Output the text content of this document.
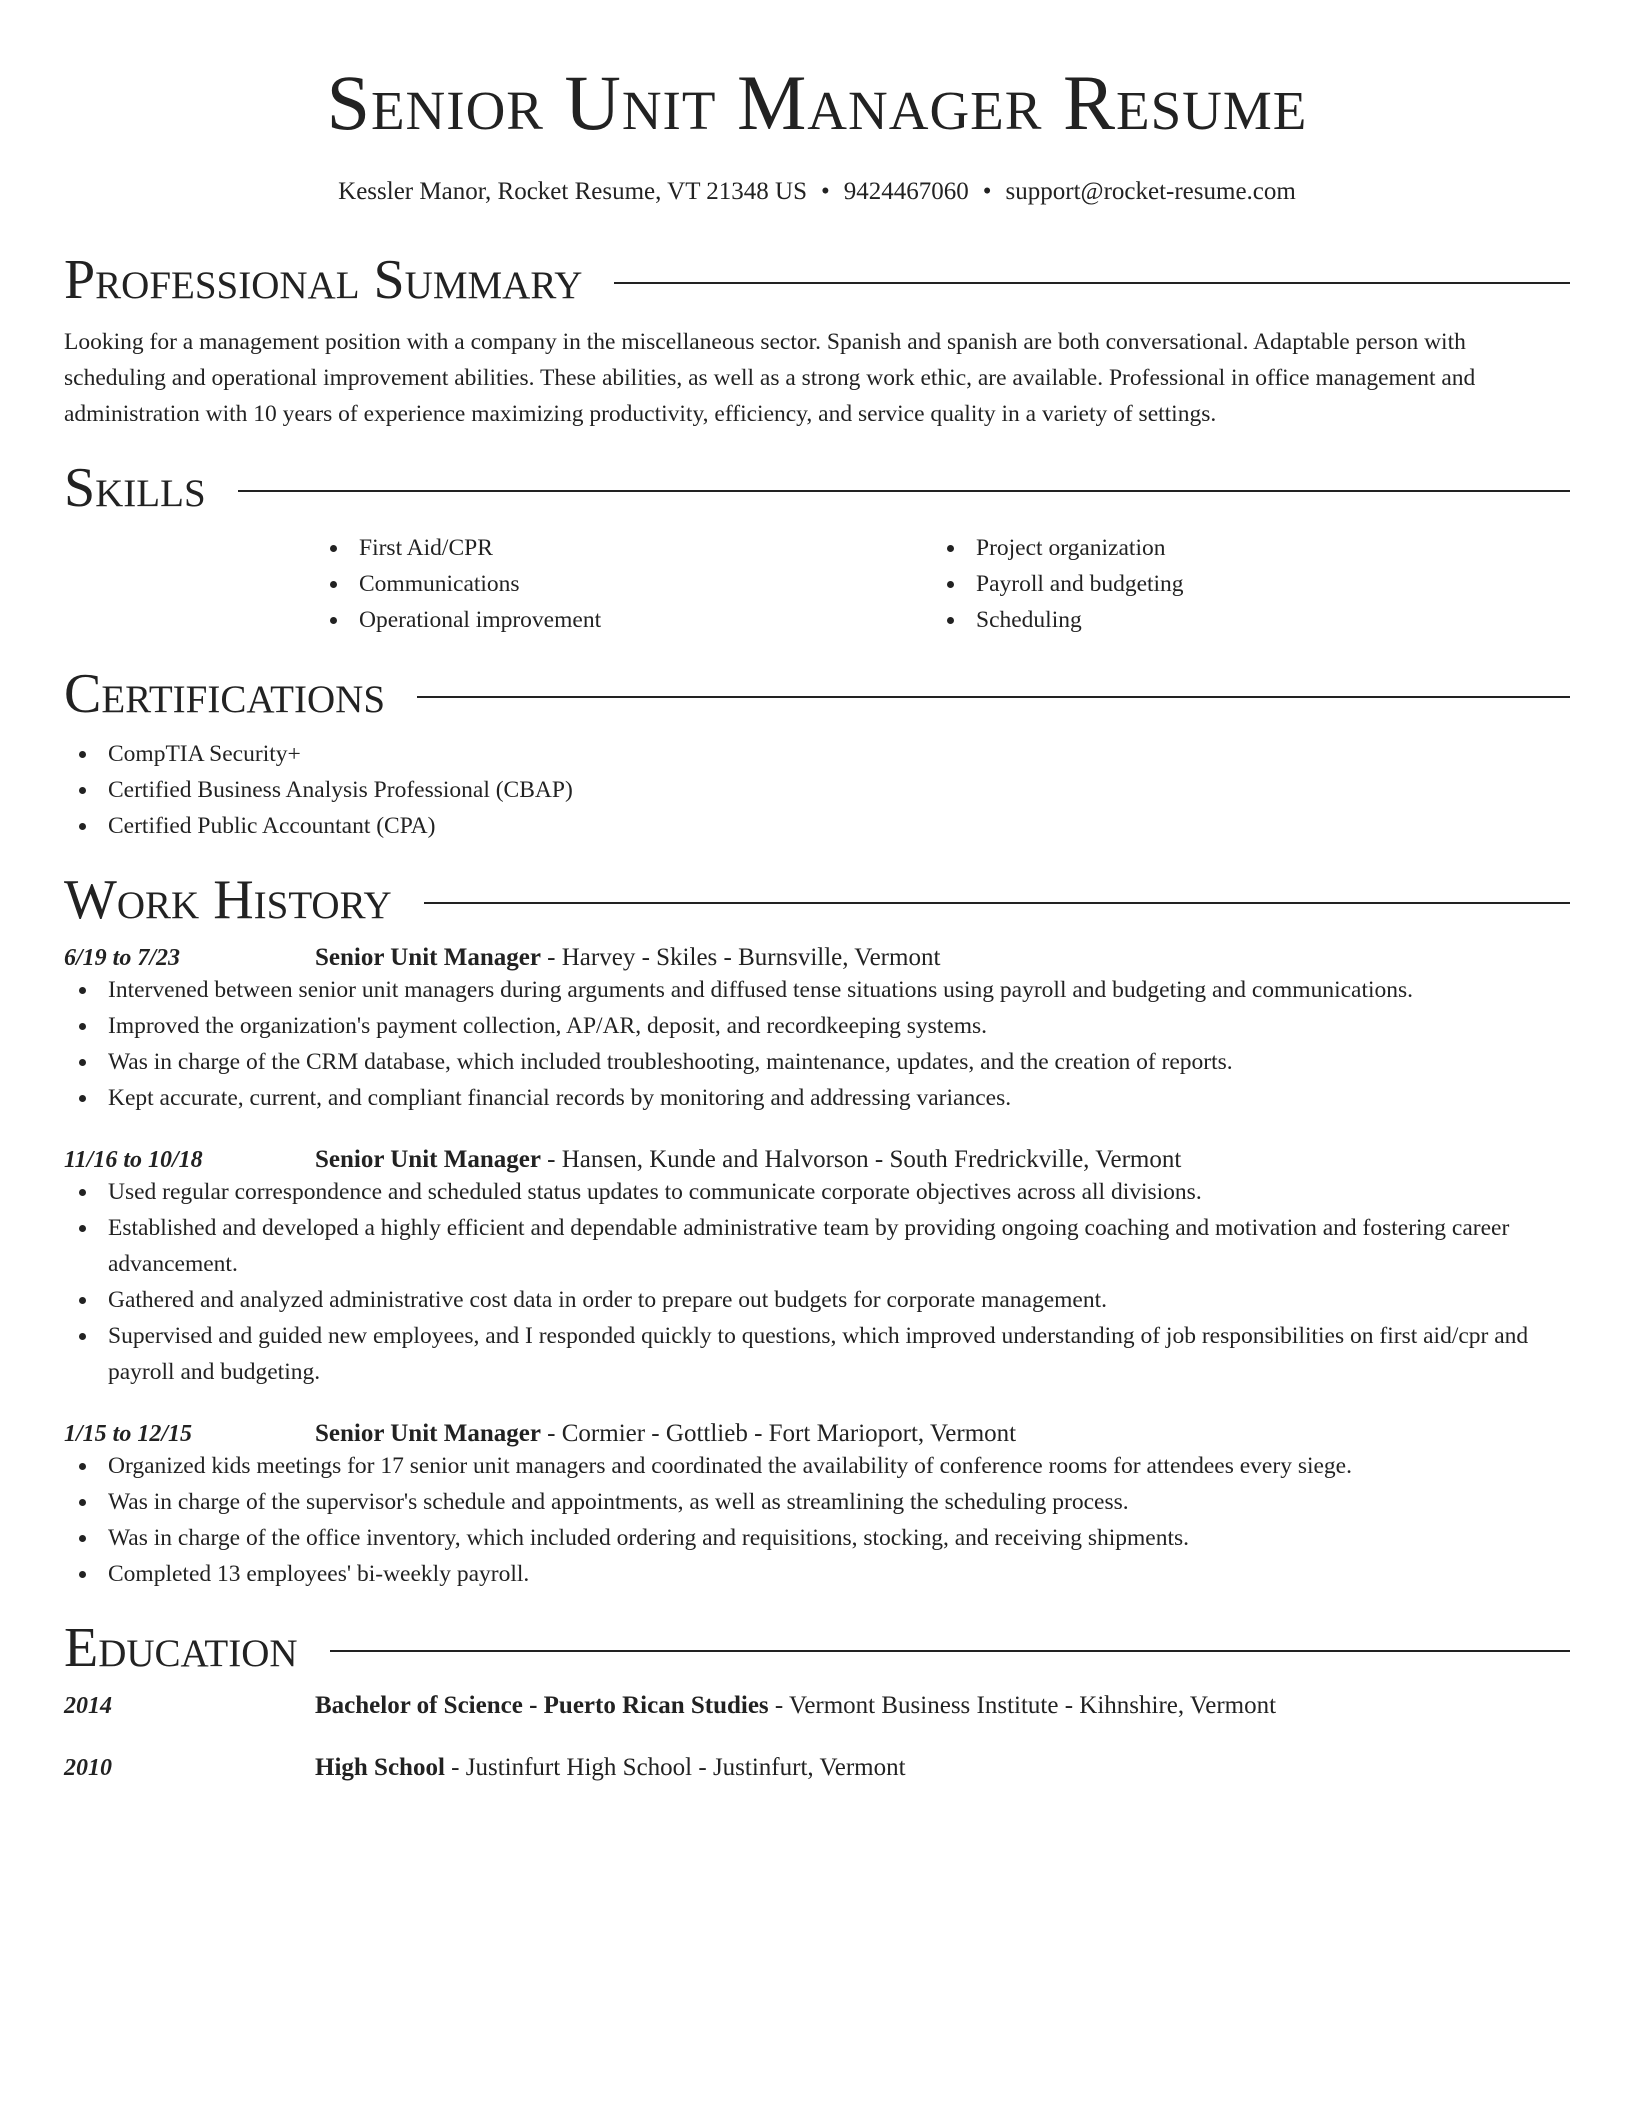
Senior Unit Manager Resume
Kessler Manor, Rocket Resume, VT 21348 US • 9424467060 • support@rocket-resume.com
Professional Summary

Looking for a management position with a company in the miscellaneous sector. Spanish and spanish are both conversational. Adaptable person with scheduling and operational improvement abilities. These abilities, as well as a strong work ethic, are available. Professional in office management and administration with 10 years of experience maximizing productivity, efficiency, and service quality in a variety of settings.

Skills
First Aid/CPR
Communications
Operational improvement
Project organization
Payroll and budgeting
Scheduling
Certifications
CompTIA Security+
Certified Business Analysis Professional (CBAP)
Certified Public Accountant (CPA)
Work History
6/19 to 7/23	Senior Unit Manager - Harvey - Skiles - Burnsville, Vermont
Intervened between senior unit managers during arguments and diffused tense situations using payroll and budgeting and communications.
Improved the organization's payment collection, AP/AR, deposit, and recordkeeping systems.
Was in charge of the CRM database, which included troubleshooting, maintenance, updates, and the creation of reports.
Kept accurate, current, and compliant financial records by monitoring and addressing variances.
11/16 to 10/18	Senior Unit Manager - Hansen, Kunde and Halvorson - South Fredrickville, Vermont
Used regular correspondence and scheduled status updates to communicate corporate objectives across all divisions.
Established and developed a highly efficient and dependable administrative team by providing ongoing coaching and motivation and fostering career advancement.
Gathered and analyzed administrative cost data in order to prepare out budgets for corporate management.
Supervised and guided new employees, and I responded quickly to questions, which improved understanding of job responsibilities on first aid/cpr and payroll and budgeting.
1/15 to 12/15	Senior Unit Manager - Cormier - Gottlieb - Fort Marioport, Vermont
Organized kids meetings for 17 senior unit managers and coordinated the availability of conference rooms for attendees every siege.
Was in charge of the supervisor's schedule and appointments, as well as streamlining the scheduling process.
Was in charge of the office inventory, which included ordering and requisitions, stocking, and receiving shipments.
Completed 13 employees' bi-weekly payroll.
Education
2014	Bachelor of Science - Puerto Rican Studies - Vermont Business Institute - Kihnshire, Vermont
2010	High School - Justinfurt High School - Justinfurt, Vermont
